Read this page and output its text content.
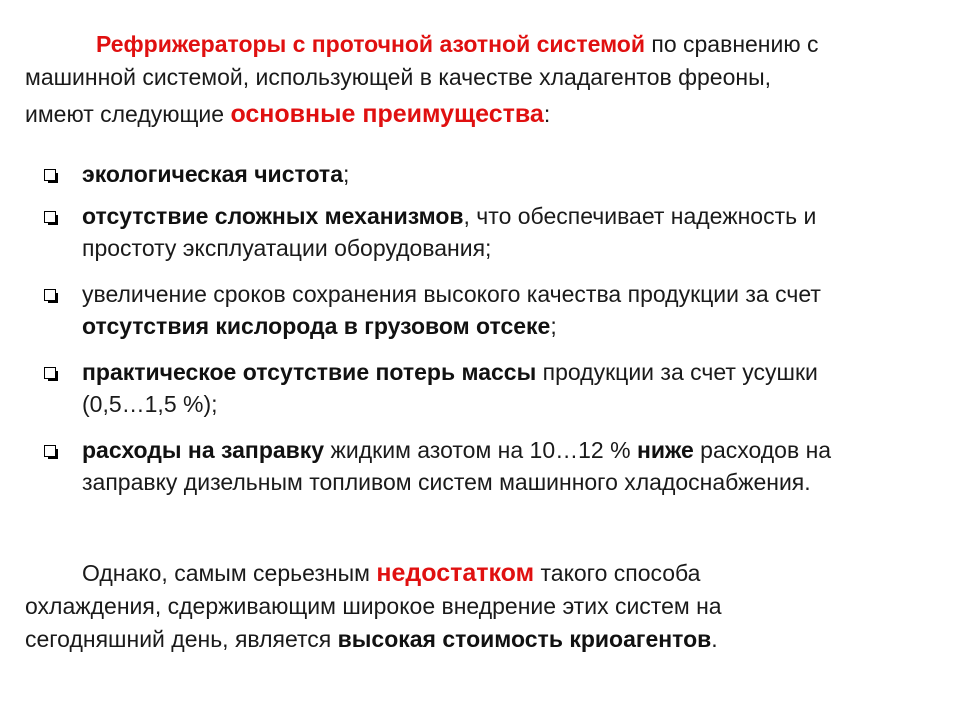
Рефрижераторы с проточной азотной системой по сравнению с
машинной системой, использующей в качестве хладагентов фреоны,
имеют следующие основные преимущества:
экологическая чистота;
отсутствие сложных механизмов, что обеспечивает надежность и
простоту эксплуатации оборудования;
увеличение сроков сохранения высокого качества продукции за счет
отсутствия кислорода в грузовом отсеке;
практическое отсутствие потерь массы продукции за счет усушки
(0,5…1,5 %);
расходы на заправку жидким азотом на 10…12 % ниже расходов на
заправку дизельным топливом систем машинного хладоснабжения.
Однако, самым серьезным недостатком такого способа
охлаждения, сдерживающим широкое внедрение этих систем на
сегодняшний день, является высокая стоимость криоагентов.
